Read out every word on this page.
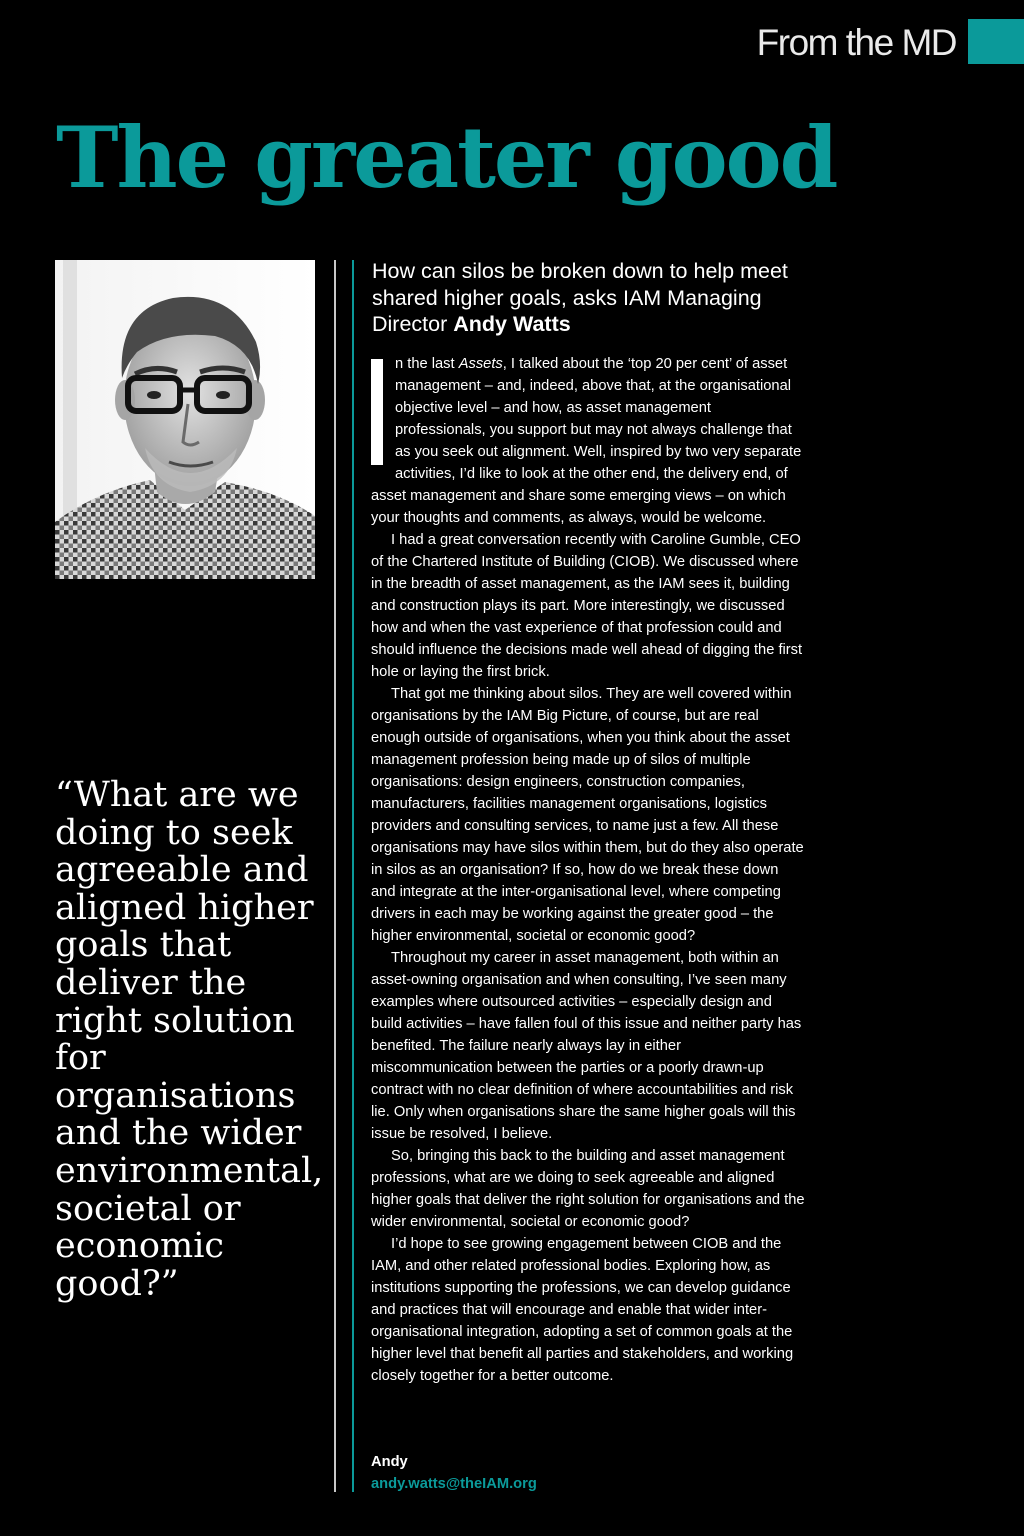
From the MD
The greater good

“What are we doing to seek agreeable and aligned higher goals that deliver the right solution for organisations and the wider environmental, societal or economic good?”

How can silos be broken down to help meet shared higher goals, asks IAM Managing Director Andy Watts

n the last Assets, I talked about the ‘top 20 per cent’ of asset management – and, indeed, above that, at the organisational objective level – and how, as asset management professionals, you support but may not always challenge that as you seek out alignment. Well, inspired by two very separate activities, I’d like to look at the other end, the delivery end, of asset management and share some emerging views – on which your thoughts and comments, as always, would be welcome.

I had a great conversation recently with Caroline Gumble, CEO of the Chartered Institute of Building (CIOB). We discussed where in the breadth of asset management, as the IAM sees it, building and construction plays its part. More interestingly, we discussed how and when the vast experience of that profession could and should influence the decisions made well ahead of digging the first hole or laying the first brick.

That got me thinking about silos. They are well covered within organisations by the IAM Big Picture, of course, but are real enough outside of organisations, when you think about the asset management profession being made up of silos of multiple organisations: design engineers, construction companies, manufacturers, facilities management organisations, logistics providers and consulting services, to name just a few. All these organisations may have silos within them, but do they also operate in silos as an organisation? If so, how do we break these down and integrate at the inter-organisational level, where competing drivers in each may be working against the greater good – the higher environmental, societal or economic good?

Throughout my career in asset management, both within an asset-owning organisation and when consulting, I’ve seen many examples where outsourced activities – especially design and build activities – have fallen foul of this issue and neither party has benefited. The failure nearly always lay in either miscommunication between the parties or a poorly drawn-up contract with no clear definition of where accountabilities and risk lie. Only when organisations share the same higher goals will this issue be resolved, I believe.

So, bringing this back to the building and asset management professions, what are we doing to seek agreeable and aligned higher goals that deliver the right solution for organisations and the wider environmental, societal or economic good?

I’d hope to see growing engagement between CIOB and the IAM, and other related professional bodies. Exploring how, as institutions supporting the professions, we can develop guidance and practices that will encourage and enable that wider inter-organisational integration, adopting a set of common goals at the higher level that benefit all parties and stakeholders, and working closely together for a better outcome.

Andy
andy.watts@theIAM.org
